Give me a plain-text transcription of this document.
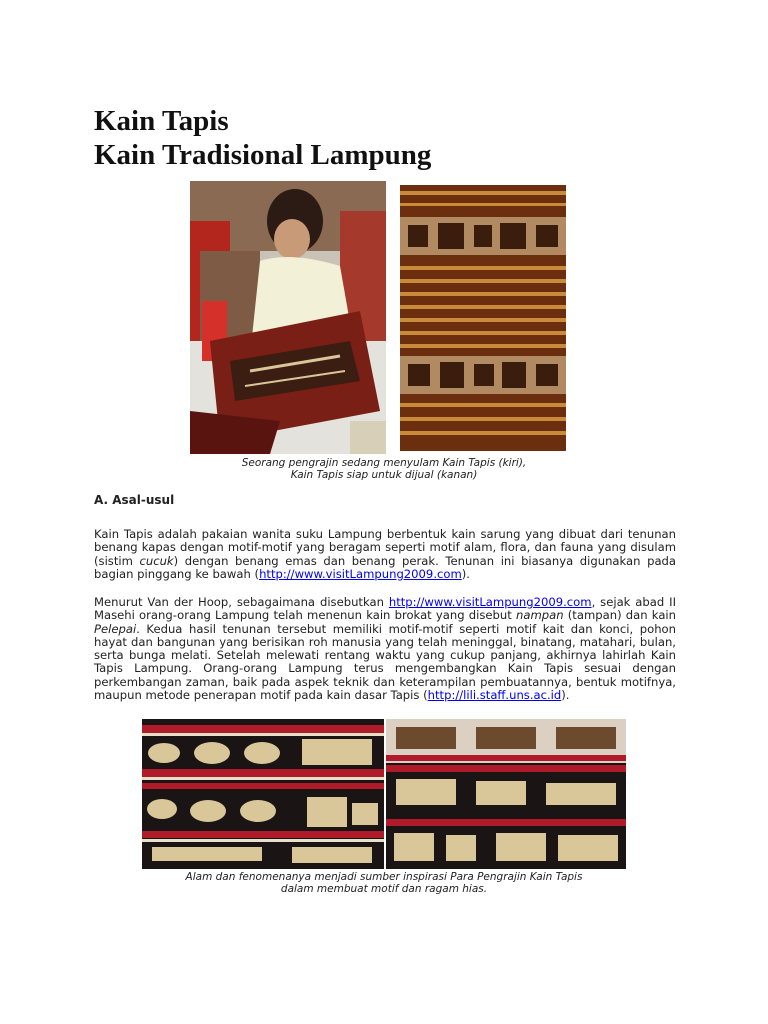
Kain Tapis
Kain Tradisional Lampung
Seorang pengrajin sedang menyulam Kain Tapis (kiri),
Kain Tapis siap untuk dijual (kanan)
A. Asal-usul

Kain Tapis adalah pakaian wanita suku Lampung berbentuk kain sarung yang dibuat dari tenunan benang kapas dengan motif-motif yang beragam seperti motif alam, flora, dan fauna yang disulam (sistim cucuk) dengan benang emas dan benang perak. Tenunan ini biasanya digunakan pada bagian pinggang ke bawah (http://www.visitLampung2009.com).

Menurut Van der Hoop, sebagaimana disebutkan http://www.visitLampung2009.com, sejak abad II Masehi orang-orang Lampung telah menenun kain brokat yang disebut nampan (tampan) dan kain Pelepai. Kedua hasil tenunan tersebut memiliki motif-motif seperti motif kait dan konci, pohon hayat dan bangunan yang berisikan roh manusia yang telah meninggal, binatang, matahari, bulan, serta bunga melati. Setelah melewati rentang waktu yang cukup panjang, akhirnya lahirlah Kain Tapis Lampung. Orang-orang Lampung terus mengembangkan Kain Tapis sesuai dengan perkembangan zaman, baik pada aspek teknik dan keterampilan pembuatannya, bentuk motifnya, maupun metode penerapan motif pada kain dasar Tapis (http://lili.staff.uns.ac.id).

Alam dan fenomenanya menjadi sumber inspirasi Para Pengrajin Kain Tapis
dalam membuat motif dan ragam hias.
